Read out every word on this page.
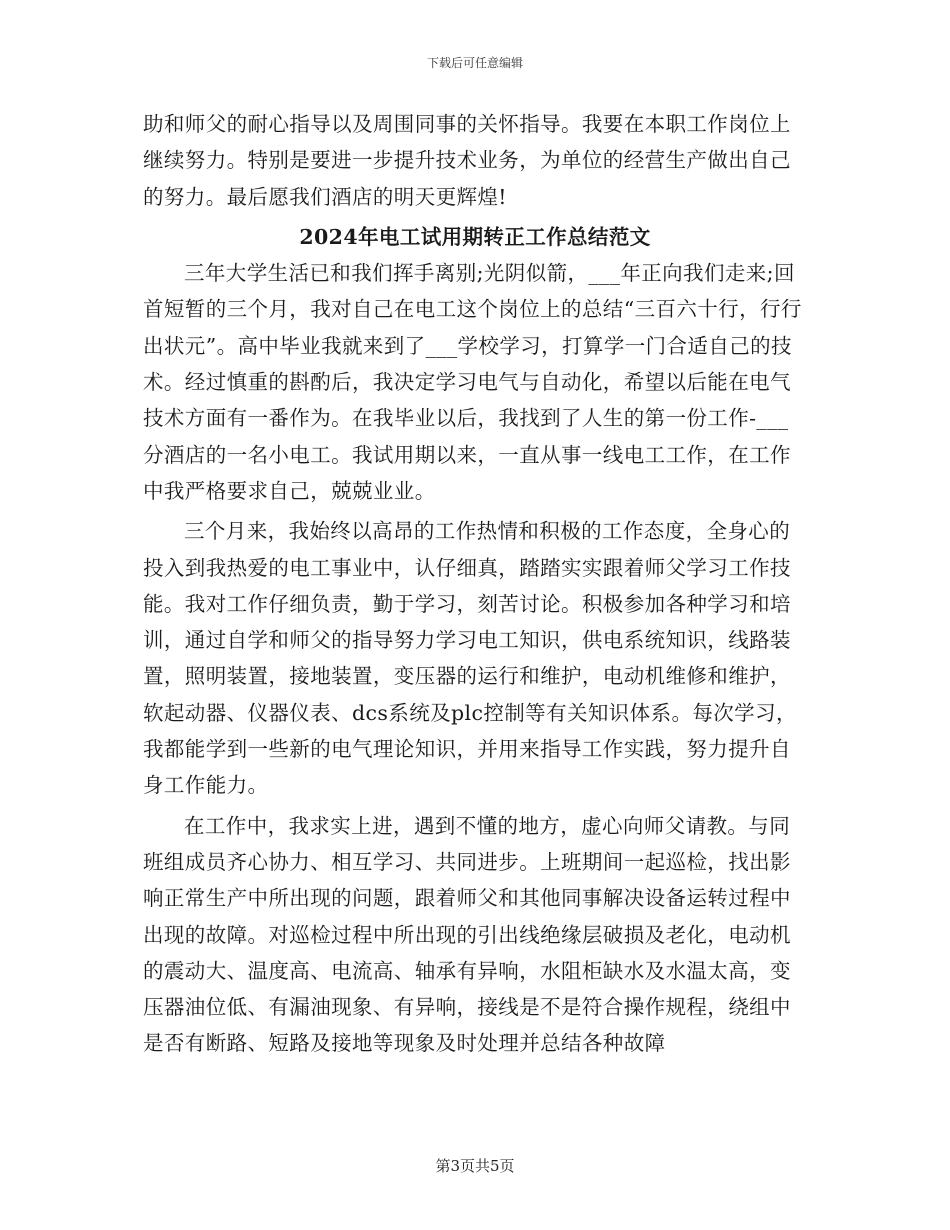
下载后可任意编辑

助和师父的耐心指导以及周围同事的关怀指导。我要在本职工作岗位上继续努力。特别是要进一步提升技术业务，为单位的经营生产做出自己的努力。最后愿我们酒店的明天更辉煌!

2024年电工试用期转正工作总结范文

三年大学生活已和我们挥手离别;光阴似箭，___年正向我们走来;回首短暂的三个月，我对自己在电工这个岗位上的总结“三百六十行，行行出状元”。高中毕业我就来到了___学校学习，打算学一门合适自己的技术。经过慎重的斟酌后，我决定学习电气与自动化，希望以后能在电气技术方面有一番作为。在我毕业以后，我找到了人生的第一份工作-___分酒店的一名小电工。我试用期以来，一直从事一线电工工作，在工作中我严格要求自己，兢兢业业。

三个月来，我始终以高昂的工作热情和积极的工作态度，全身心的投入到我热爱的电工事业中，认仔细真，踏踏实实跟着师父学习工作技能。我对工作仔细负责，勤于学习，刻苦讨论。积极参加各种学习和培训，通过自学和师父的指导努力学习电工知识，供电系统知识，线路装置，照明装置，接地装置，变压器的运行和维护，电动机维修和维护，软起动器、仪器仪表、dcs系统及plc控制等有关知识体系。每次学习，我都能学到一些新的电气理论知识，并用来指导工作实践，努力提升自身工作能力。

在工作中，我求实上进，遇到不懂的地方，虚心向师父请教。与同班组成员齐心协力、相互学习、共同进步。上班期间一起巡检，找出影响正常生产中所出现的问题，跟着师父和其他同事解决设备运转过程中出现的故障。对巡检过程中所出现的引出线绝缘层破损及老化，电动机的震动大、温度高、电流高、轴承有异响，水阻柜缺水及水温太高，变压器油位低、有漏油现象、有异响，接线是不是符合操作规程，绕组中是否有断路、短路及接地等现象及时处理并总结各种故障

第3页共5页
